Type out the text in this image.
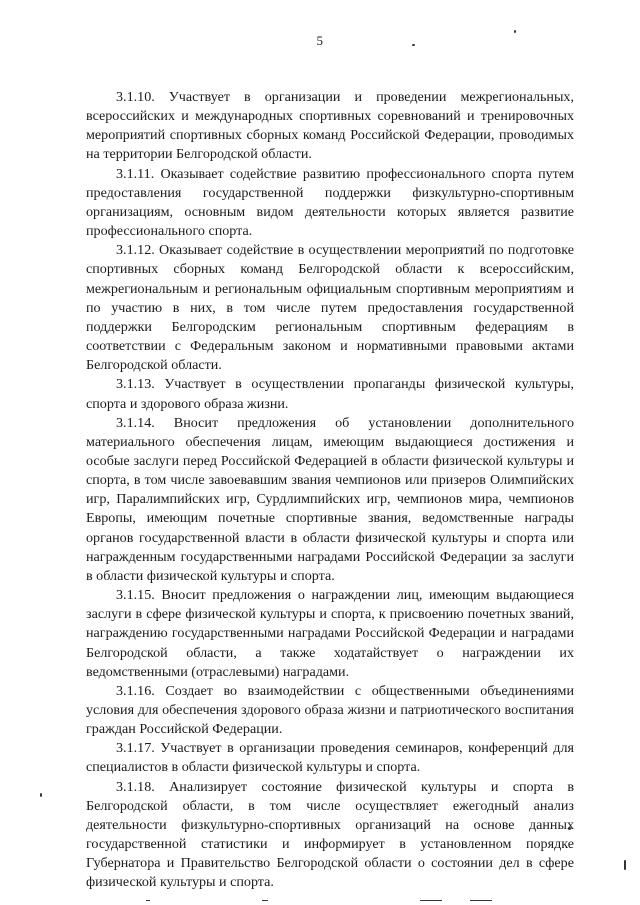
5

3.1.10. Участвует в организации и проведении межрегиональных, всероссийских и международных спортивных соревнований и тренировочных мероприятий спортивных сборных команд Российской Федерации, проводимых на территории Белгородской области.

3.1.11. Оказывает содействие развитию профессионального спорта путем предоставления государственной поддержки физкультурно-спортивным организациям, основным видом деятельности которых является развитие профессионального спорта.

3.1.12. Оказывает содействие в осуществлении мероприятий по подготовке спортивных сборных команд Белгородской области к всероссийским, межрегиональным и региональным официальным спортивным мероприятиям и по участию в них, в том числе путем предоставления государственной поддержки Белгородским региональным спортивным федерациям в соответствии с Федеральным законом и нормативными правовыми актами Белгородской области.

3.1.13. Участвует в осуществлении пропаганды физической культуры, спорта и здорового образа жизни.

3.1.14. Вносит предложения об установлении дополнительного материального обеспечения лицам, имеющим выдающиеся достижения и особые заслуги перед Российской Федерацией в области физической культуры и спорта, в том числе завоевавшим звания чемпионов или призеров Олимпийских игр, Паралимпийских игр, Сурдлимпийских игр, чемпионов мира, чемпионов Европы, имеющим почетные спортивные звания, ведомственные награды органов государственной власти в области физической культуры и спорта или награжденным государственными наградами Российской Федерации за заслуги в области физической культуры и спорта.

3.1.15. Вносит предложения о награждении лиц, имеющим выдающиеся заслуги в сфере физической культуры и спорта, к присвоению почетных званий, награждению государственными наградами Российской Федерации и наградами Белгородской области, а также ходатайствует о награждении их ведомственными (отраслевыми) наградами.

3.1.16. Создает во взаимодействии с общественными объединениями условия для обеспечения здорового образа жизни и патриотического воспитания граждан Российской Федерации.

3.1.17. Участвует в организации проведения семинаров, конференций для специалистов в области физической культуры и спорта.

3.1.18. Анализирует состояние физической культуры и спорта в Белгородской области, в том числе осуществляет ежегодный анализ деятельности физкультурно-спортивных организаций на основе данных государственной статистики и информирует в установленном порядке Губернатора и Правительство Белгородской области о состоянии дел в сфере физической культуры и спорта.
